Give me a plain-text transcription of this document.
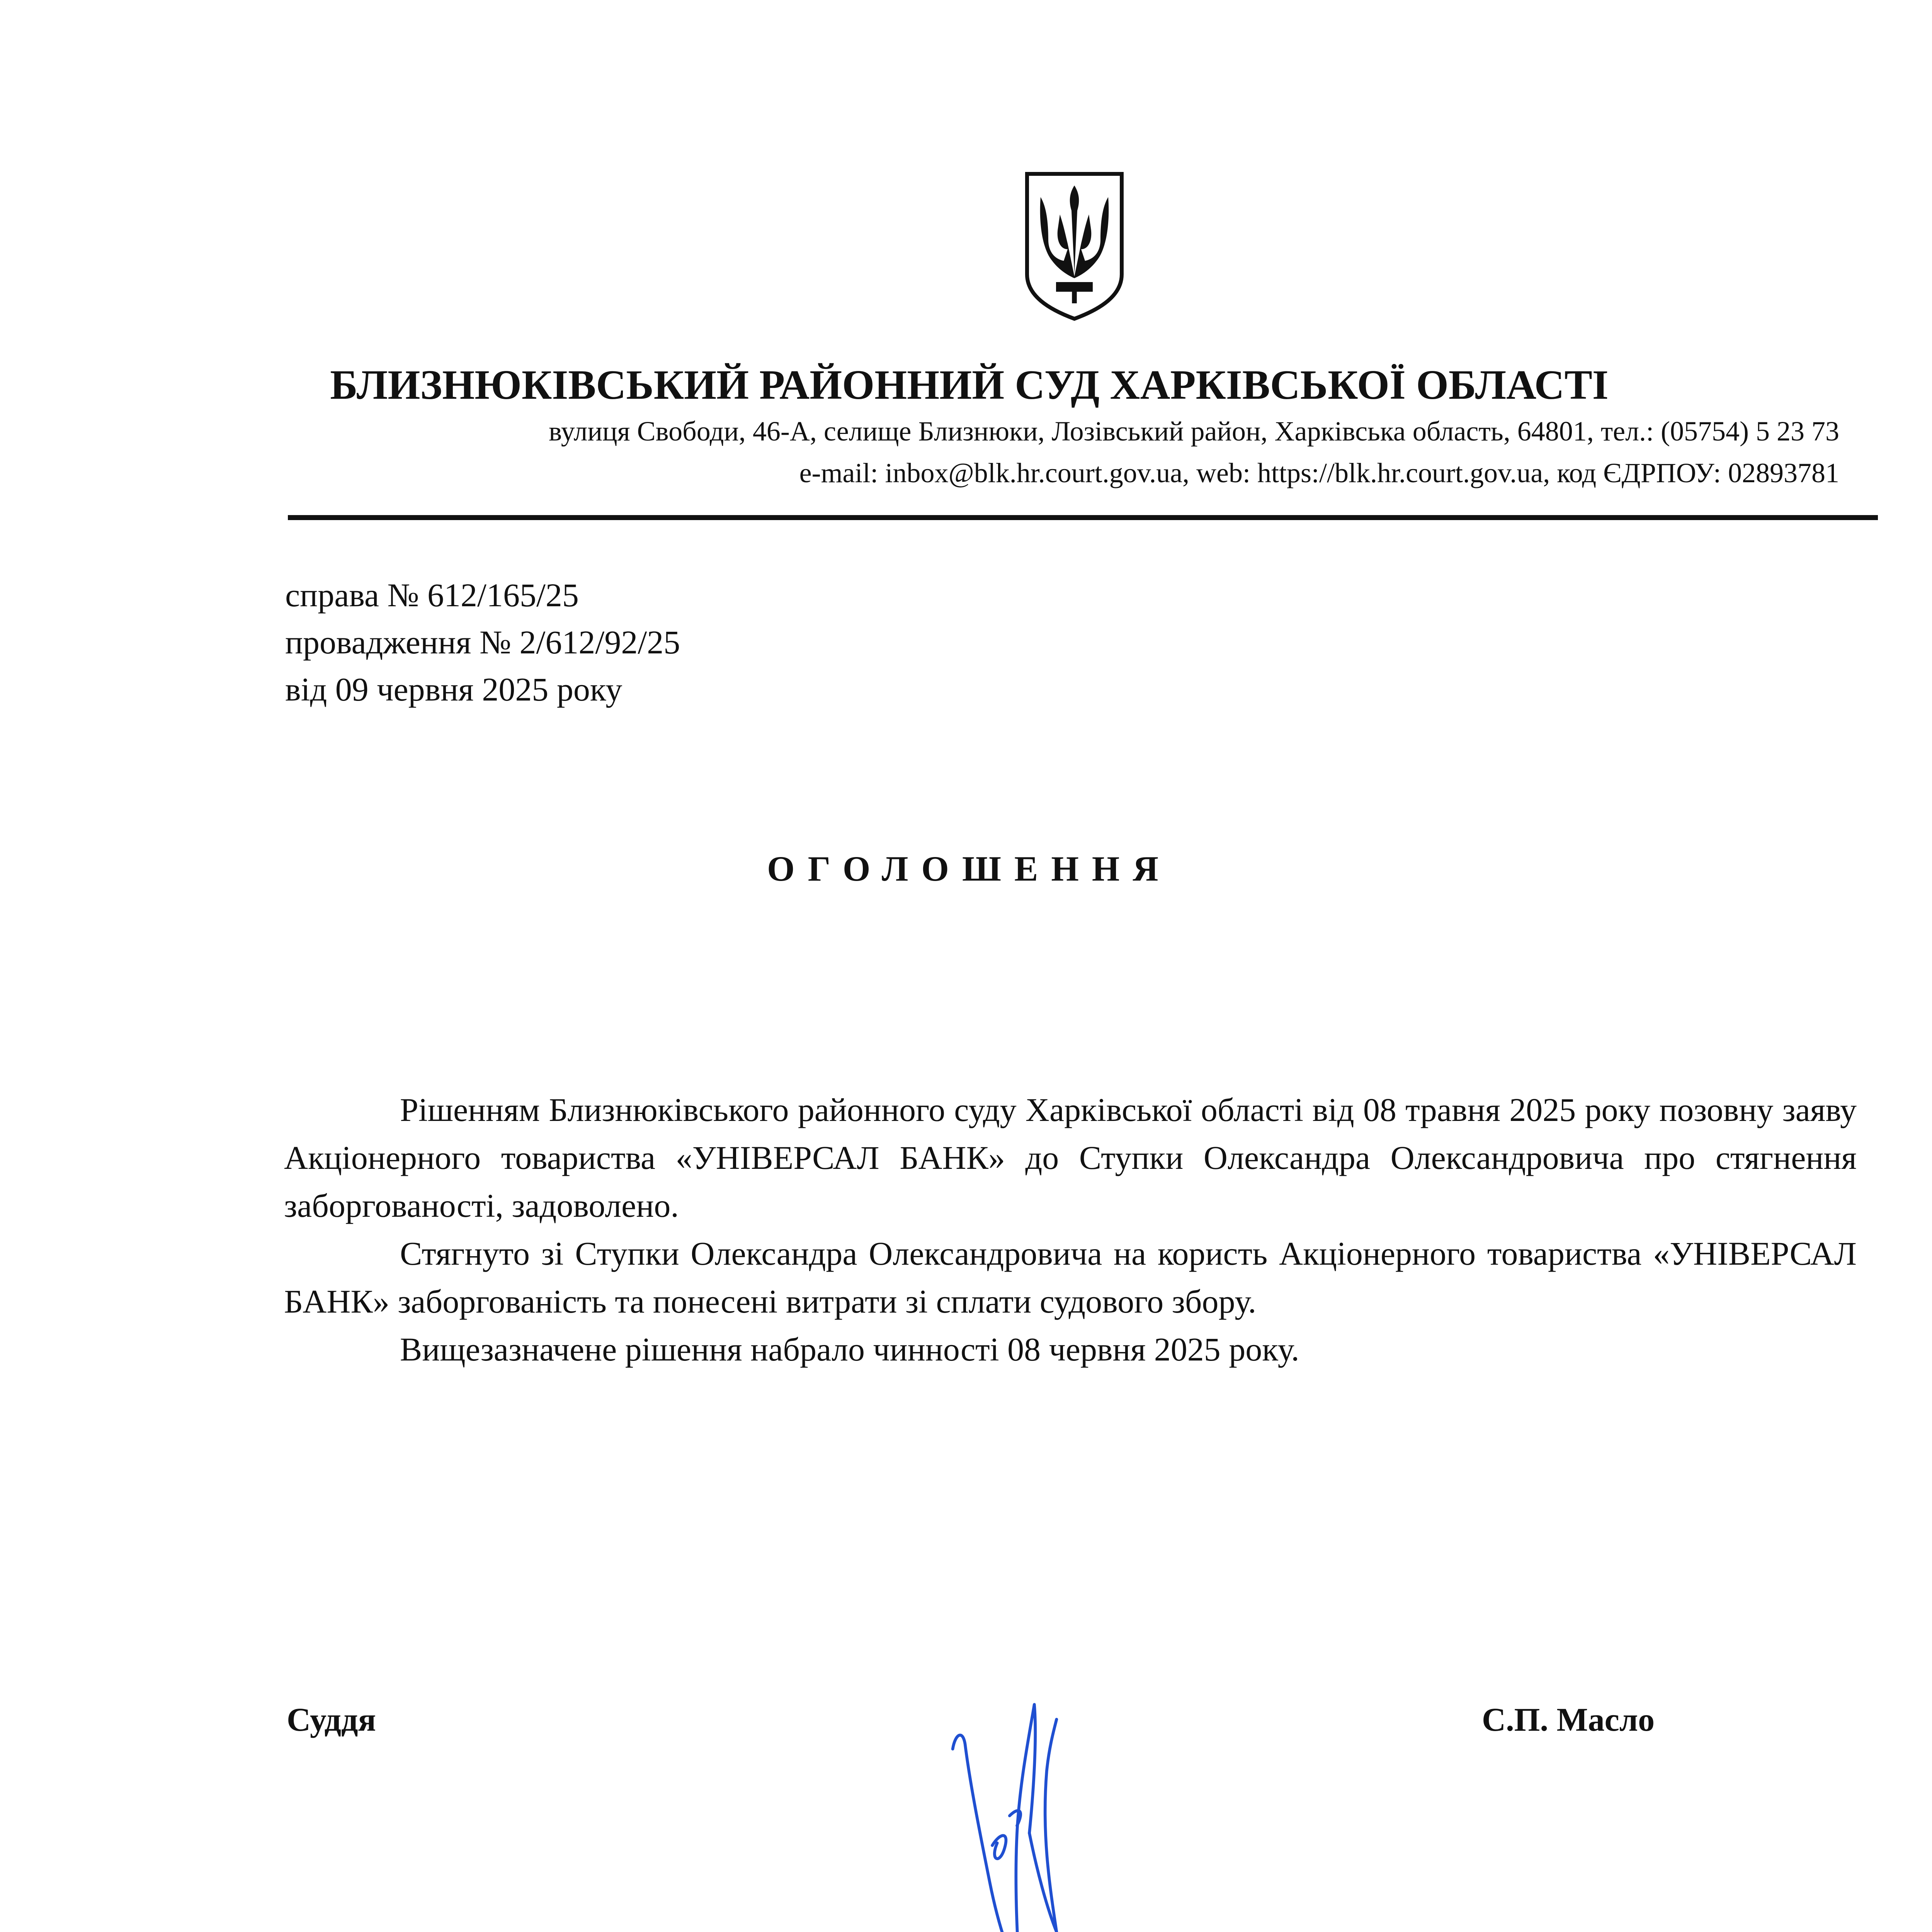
БЛИЗНЮКІВСЬКИЙ РАЙОННИЙ СУД ХАРКІВСЬКОЇ ОБЛАСТІ
вулиця Свободи, 46-А, селище Близнюки, Лозівський район, Харківська область, 64801, тел.: (05754) 5 23 73
e-mail: inbox@blk.hr.court.gov.ua, web: https://blk.hr.court.gov.ua, код ЄДРПОУ: 02893781
справа № 612/165/25
провадження № 2/612/92/25
від 09 червня 2025 року
ОГОЛОШЕННЯ

Рішенням Близнюківського районного суду Харківської області від 08 травня 2025 року позовну заяву Акціонерного товариства «УНІВЕРСАЛ БАНК» до Ступки Олександра Олександровича про стягнення заборгованості, задоволено.

Стягнуто зі Ступки Олександра Олександровича на користь Акціонерного товариства «УНІВЕРСАЛ БАНК» заборгованість та понесені витрати зі сплати судового збору.

Вищезазначене рішення набрало чинності 08 червня 2025 року.

Суддя	С.П. Масло
